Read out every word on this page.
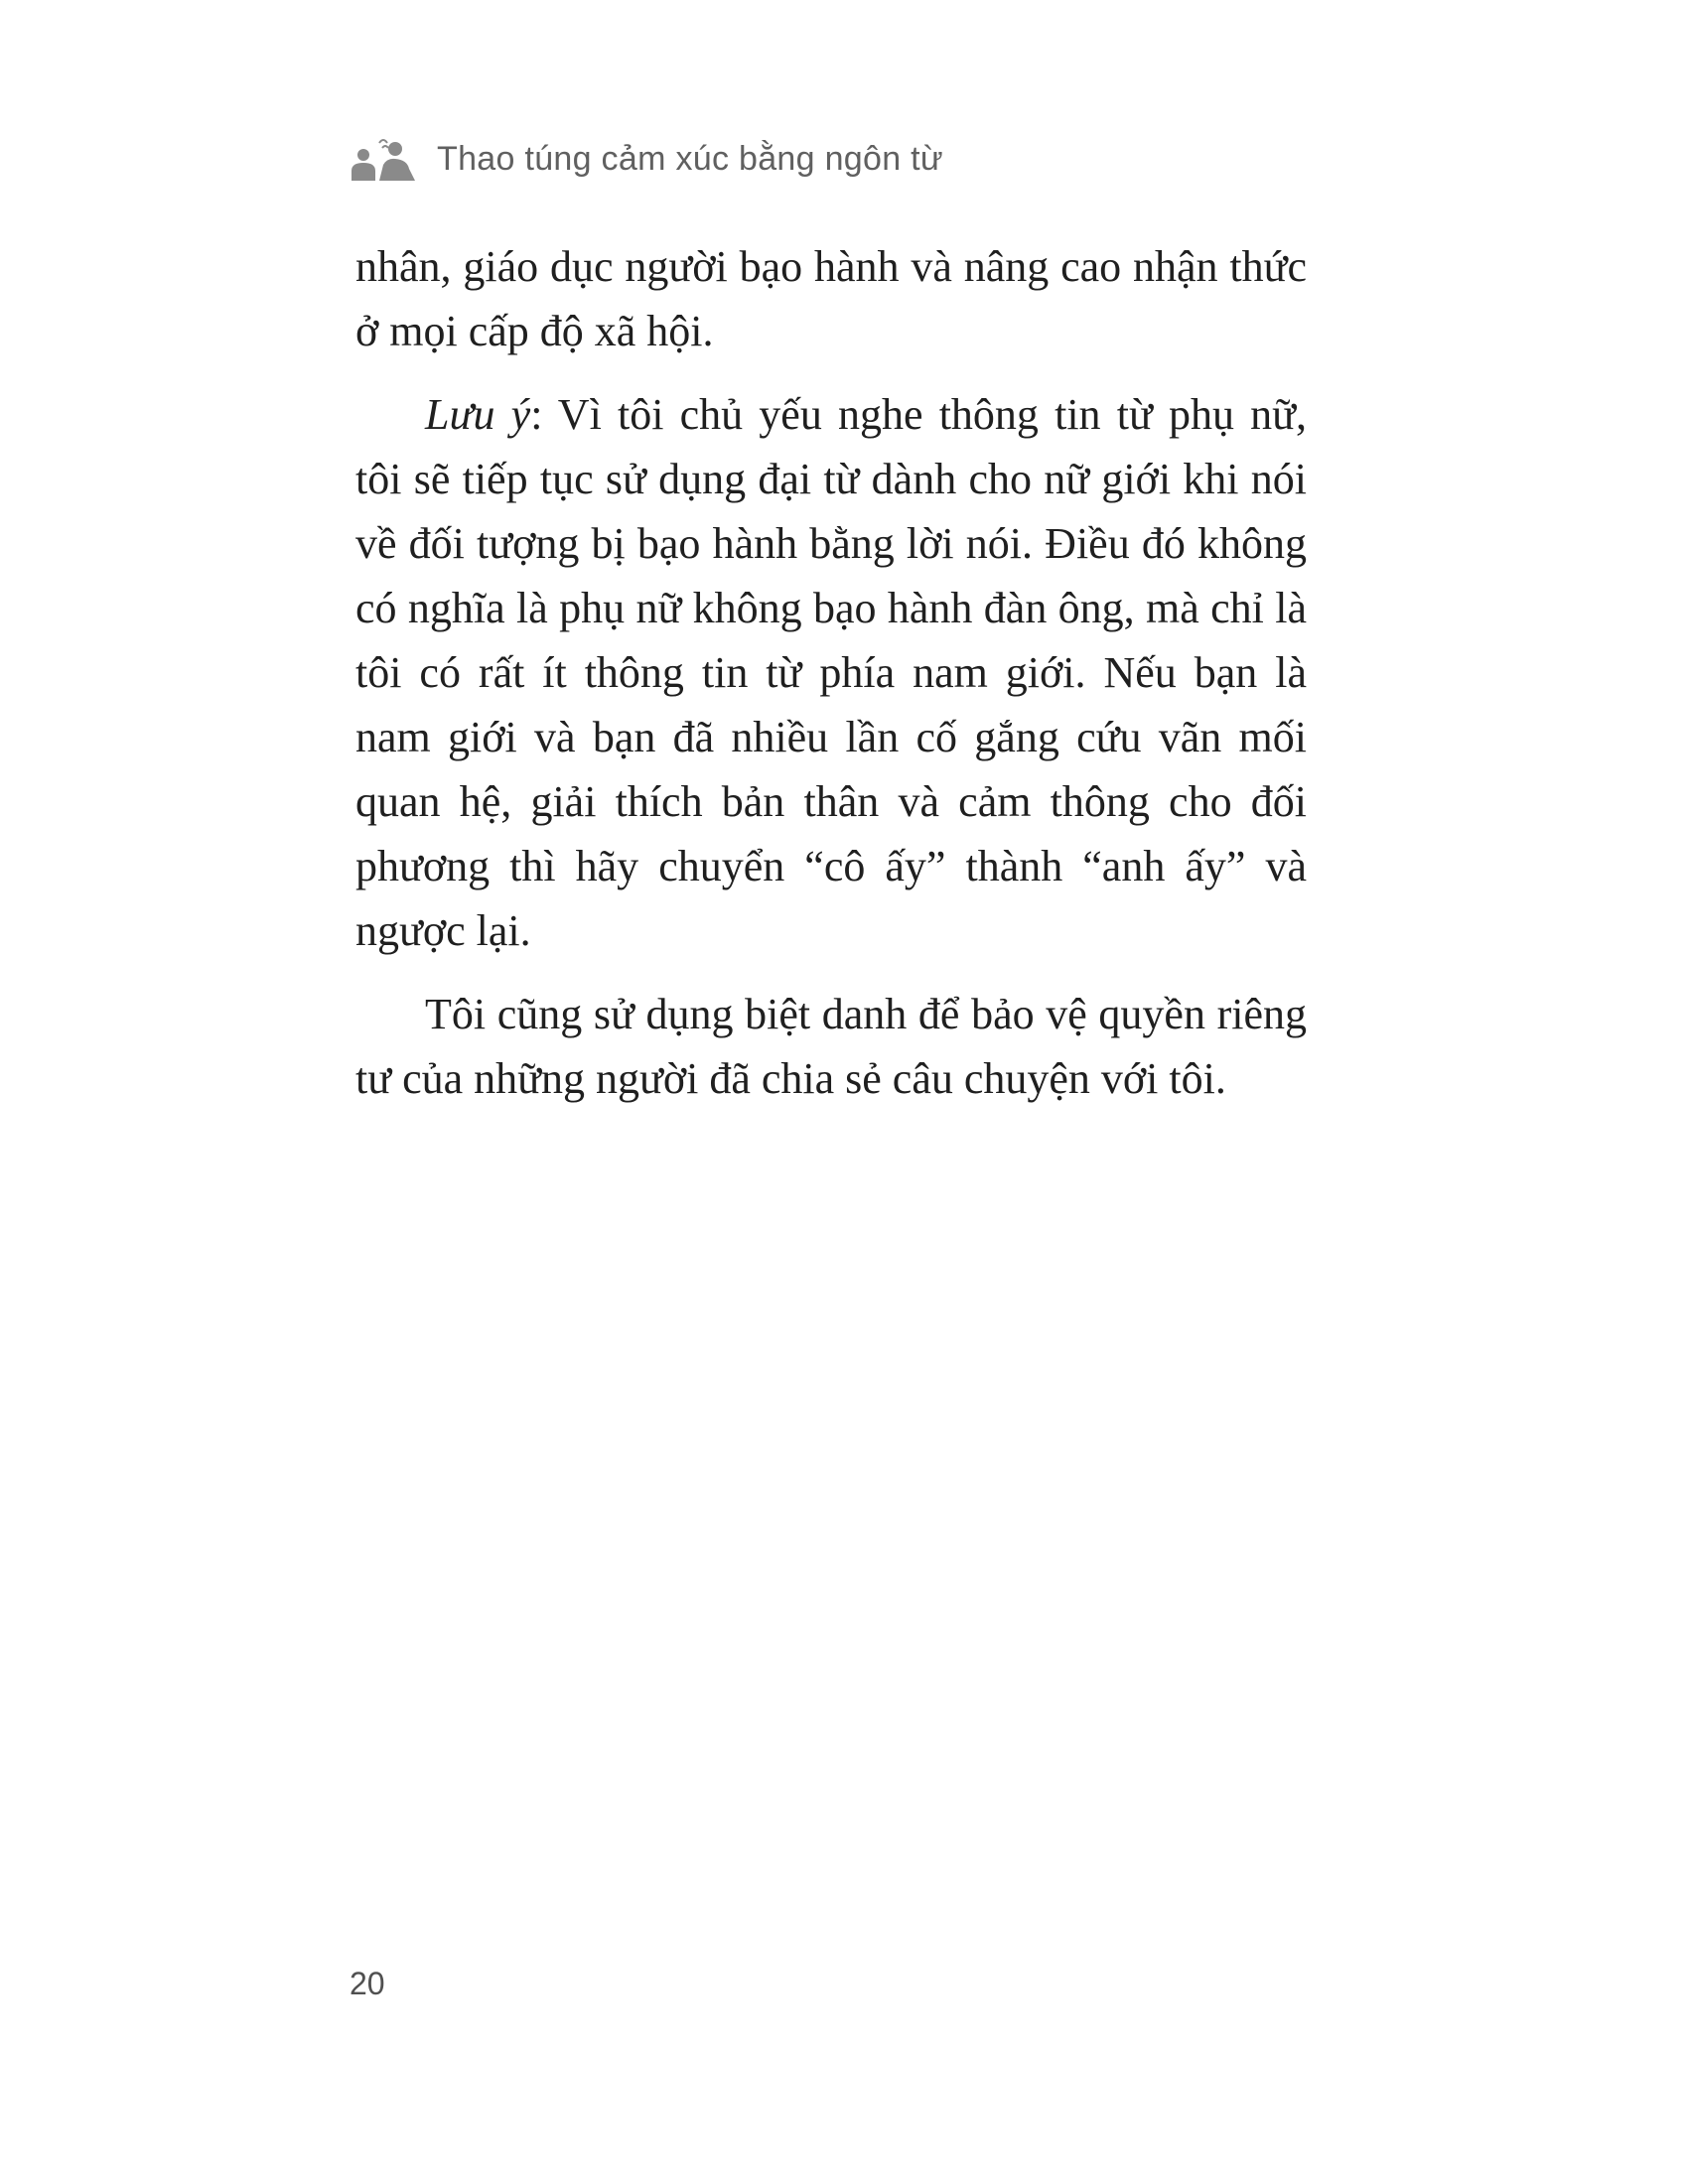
Thao túng cảm xúc bằng ngôn từ

nhân, giáo dục người bạo hành và nâng cao nhận thức ở mọi cấp độ xã hội.

Lưu ý: Vì tôi chủ yếu nghe thông tin từ phụ nữ, tôi sẽ tiếp tục sử dụng đại từ dành cho nữ giới khi nói về đối tượng bị bạo hành bằng lời nói. Điều đó không có nghĩa là phụ nữ không bạo hành đàn ông, mà chỉ là tôi có rất ít thông tin từ phía nam giới. Nếu bạn là nam giới và bạn đã nhiều lần cố gắng cứu vãn mối quan hệ, giải thích bản thân và cảm thông cho đối phương thì hãy chuyển “cô ấy” thành “anh ấy” và ngược lại.

Tôi cũng sử dụng biệt danh để bảo vệ quyền riêng tư của những người đã chia sẻ câu chuyện với tôi.

20
